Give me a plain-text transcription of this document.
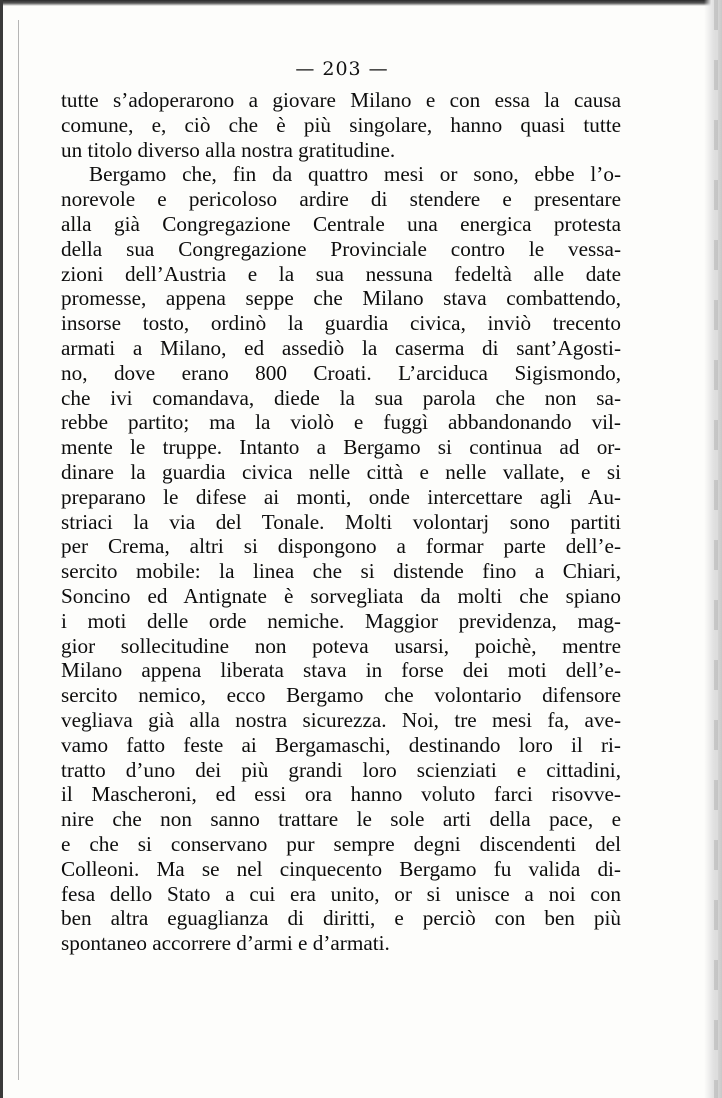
— 203 —
tutte s’adoperarono a giovare Milano e con essa la causa
comune, e, ciò che è più singolare, hanno quasi tutte
un titolo diverso alla nostra gratitudine.
Bergamo che, fin da quattro mesi or sono, ebbe l’o-
norevole e pericoloso ardire di stendere e presentare
alla già Congregazione Centrale una energica protesta
della sua Congregazione Provinciale contro le vessa-
zioni dell’Austria e la sua nessuna fedeltà alle date
promesse, appena seppe che Milano stava combattendo,
insorse tosto, ordinò la guardia civica, inviò trecento
armati a Milano, ed assediò la caserma di sant’Agosti-
no, dove erano 800 Croati. L’arciduca Sigismondo,
che ivi comandava, diede la sua parola che non sa-
rebbe partito; ma la violò e fuggì abbandonando vil-
mente le truppe. Intanto a Bergamo si continua ad or-
dinare la guardia civica nelle città e nelle vallate, e si
preparano le difese ai monti, onde intercettare agli Au-
striaci la via del Tonale. Molti volontarj sono partiti
per Crema, altri si dispongono a formar parte dell’e-
sercito mobile: la linea che si distende fino a Chiari,
Soncino ed Antignate è sorvegliata da molti che spiano
i moti delle orde nemiche. Maggior previdenza, mag-
gior sollecitudine non poteva usarsi, poichè, mentre
Milano appena liberata stava in forse dei moti dell’e-
sercito nemico, ecco Bergamo che volontario difensore
vegliava già alla nostra sicurezza. Noi, tre mesi fa, ave-
vamo fatto feste ai Bergamaschi, destinando loro il ri-
tratto d’uno dei più grandi loro scienziati e cittadini,
il Mascheroni, ed essi ora hanno voluto farci risovve-
nire che non sanno trattare le sole arti della pace, e
e che si conservano pur sempre degni discendenti del
Colleoni. Ma se nel cinquecento Bergamo fu valida di-
fesa dello Stato a cui era unito, or si unisce a noi con
ben altra eguaglianza di diritti, e perciò con ben più
spontaneo accorrere d’armi e d’armati.
